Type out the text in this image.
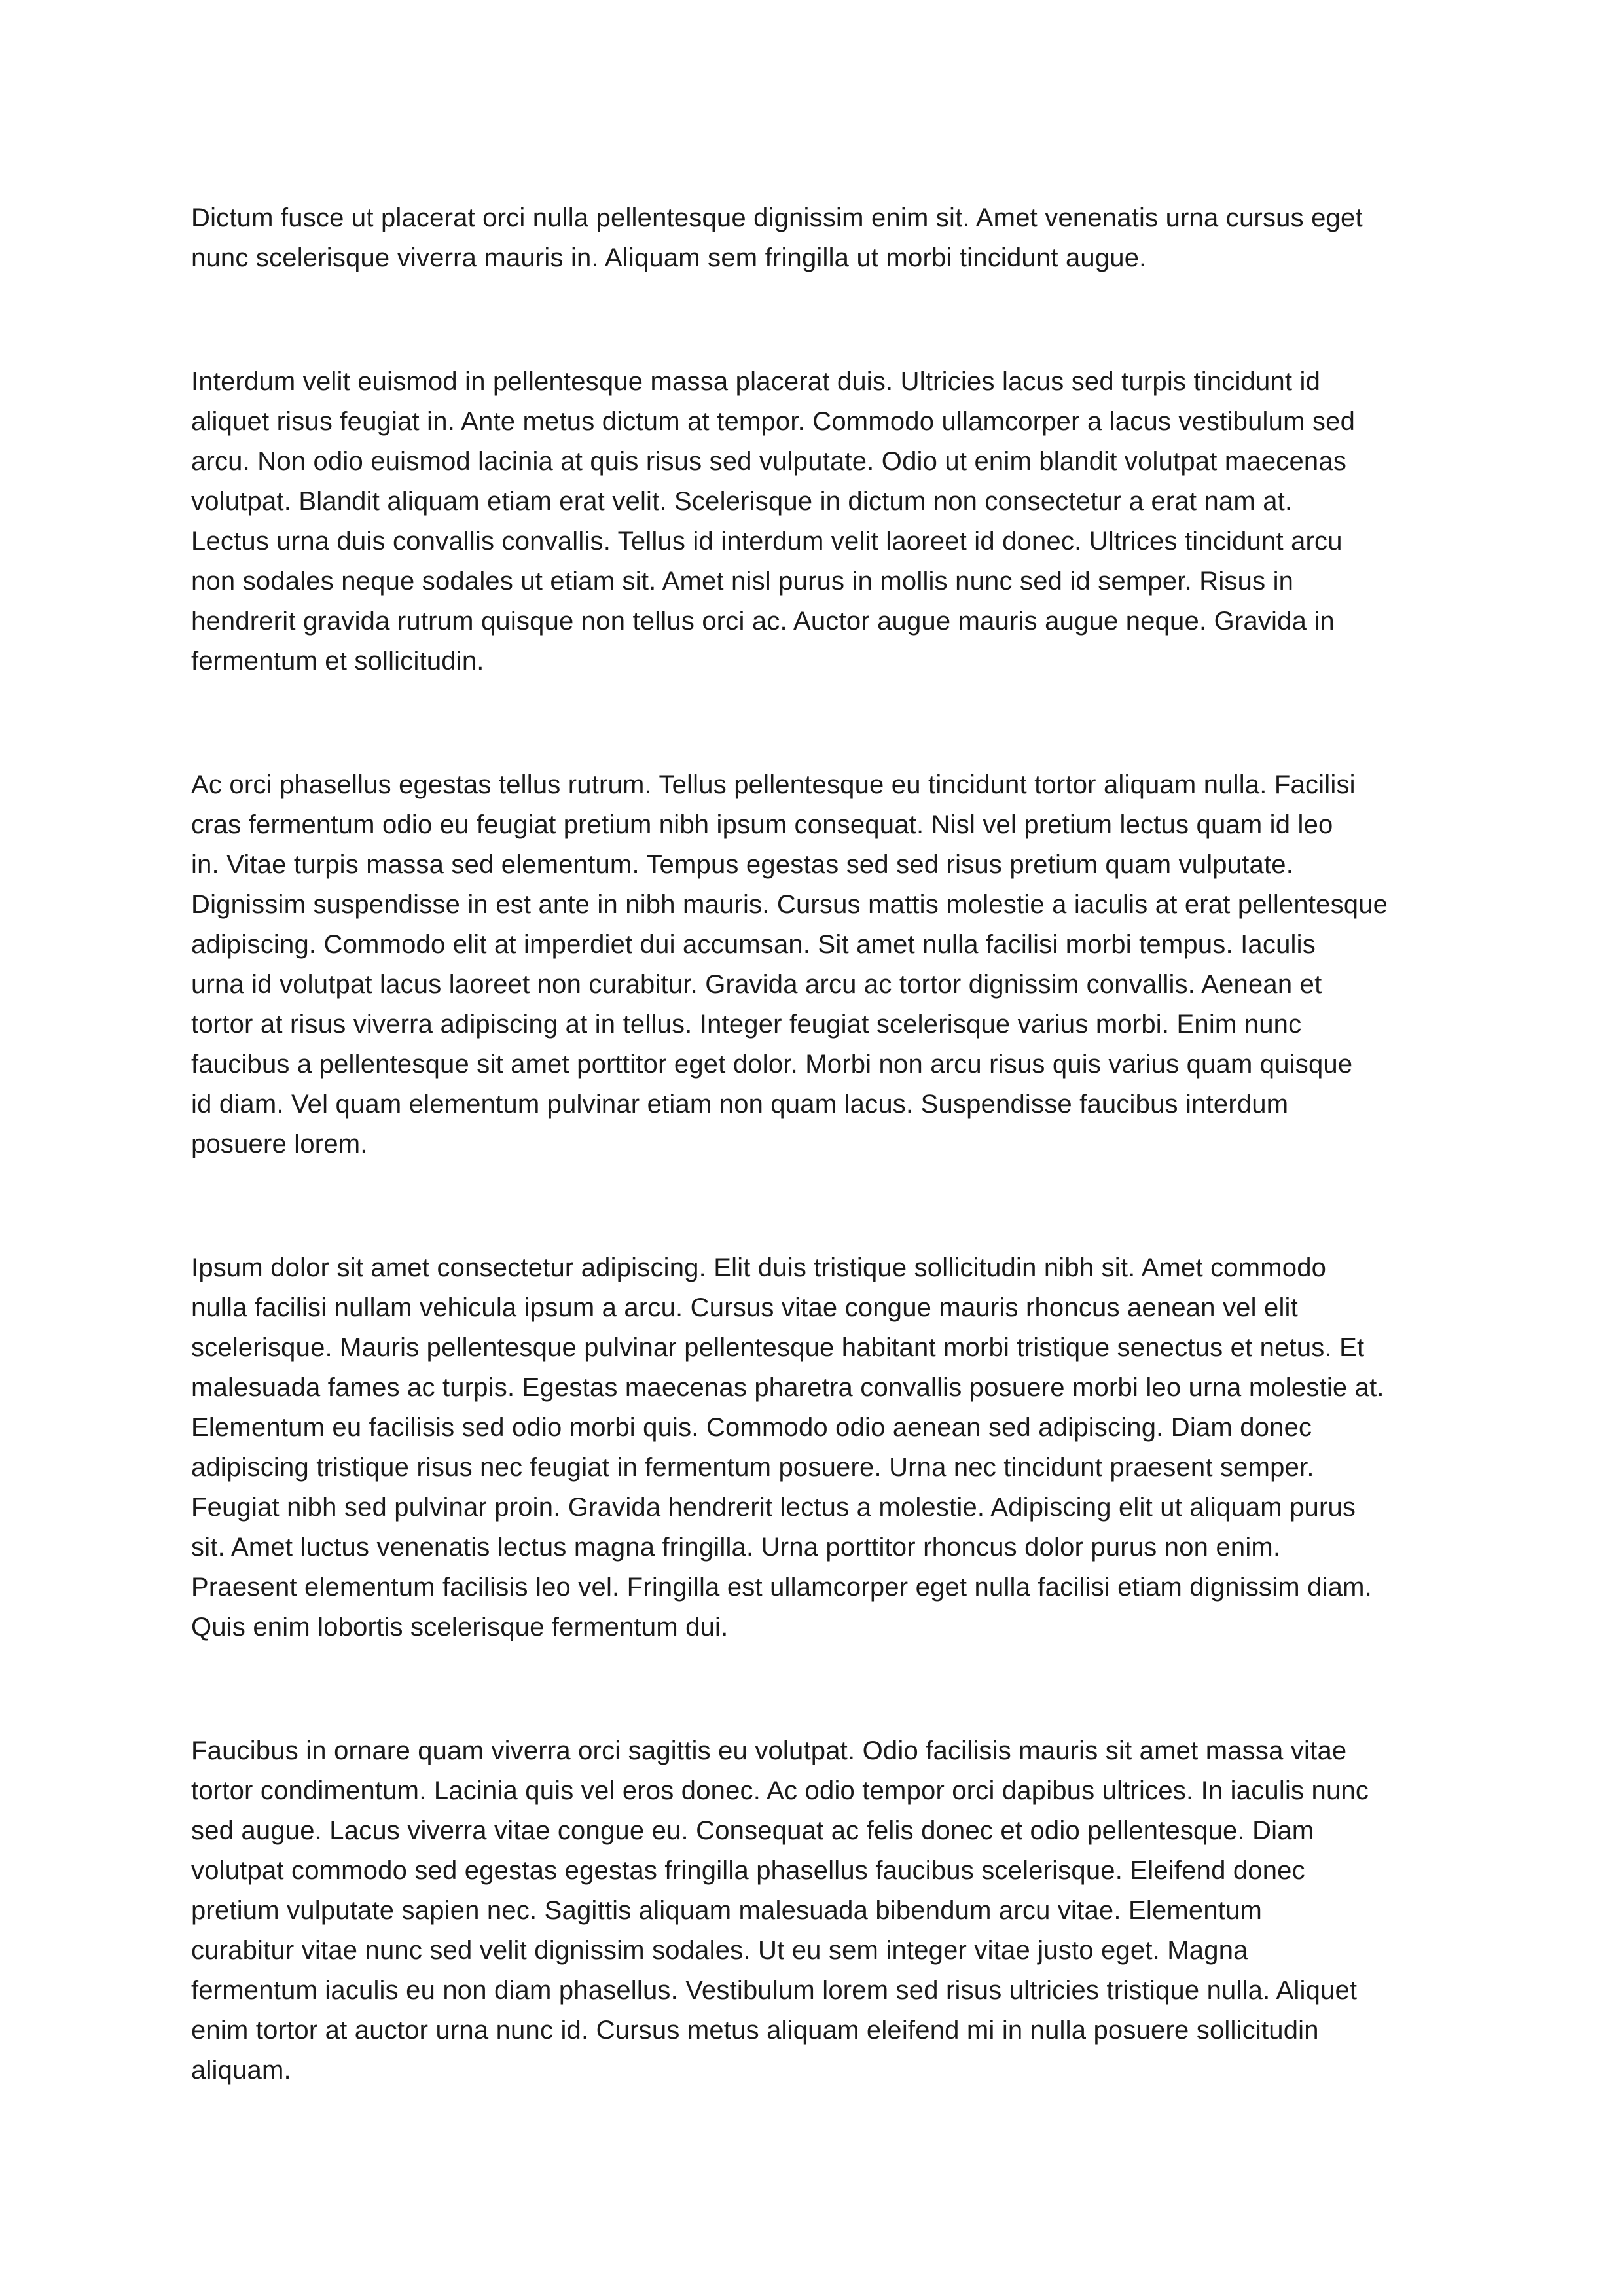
Dictum fusce ut placerat orci nulla pellentesque dignissim enim sit. Amet venenatis urna cursus eget
nunc scelerisque viverra mauris in. Aliquam sem fringilla ut morbi tincidunt augue.
Interdum velit euismod in pellentesque massa placerat duis. Ultricies lacus sed turpis tincidunt id
aliquet risus feugiat in. Ante metus dictum at tempor. Commodo ullamcorper a lacus vestibulum sed
arcu. Non odio euismod lacinia at quis risus sed vulputate. Odio ut enim blandit volutpat maecenas
volutpat. Blandit aliquam etiam erat velit. Scelerisque in dictum non consectetur a erat nam at.
Lectus urna duis convallis convallis. Tellus id interdum velit laoreet id donec. Ultrices tincidunt arcu
non sodales neque sodales ut etiam sit. Amet nisl purus in mollis nunc sed id semper. Risus in
hendrerit gravida rutrum quisque non tellus orci ac. Auctor augue mauris augue neque. Gravida in
fermentum et sollicitudin.
Ac orci phasellus egestas tellus rutrum. Tellus pellentesque eu tincidunt tortor aliquam nulla. Facilisi
cras fermentum odio eu feugiat pretium nibh ipsum consequat. Nisl vel pretium lectus quam id leo
in. Vitae turpis massa sed elementum. Tempus egestas sed sed risus pretium quam vulputate.
Dignissim suspendisse in est ante in nibh mauris. Cursus mattis molestie a iaculis at erat pellentesque
adipiscing. Commodo elit at imperdiet dui accumsan. Sit amet nulla facilisi morbi tempus. Iaculis
urna id volutpat lacus laoreet non curabitur. Gravida arcu ac tortor dignissim convallis. Aenean et
tortor at risus viverra adipiscing at in tellus. Integer feugiat scelerisque varius morbi. Enim nunc
faucibus a pellentesque sit amet porttitor eget dolor. Morbi non arcu risus quis varius quam quisque
id diam. Vel quam elementum pulvinar etiam non quam lacus. Suspendisse faucibus interdum
posuere lorem.
Ipsum dolor sit amet consectetur adipiscing. Elit duis tristique sollicitudin nibh sit. Amet commodo
nulla facilisi nullam vehicula ipsum a arcu. Cursus vitae congue mauris rhoncus aenean vel elit
scelerisque. Mauris pellentesque pulvinar pellentesque habitant morbi tristique senectus et netus. Et
malesuada fames ac turpis. Egestas maecenas pharetra convallis posuere morbi leo urna molestie at.
Elementum eu facilisis sed odio morbi quis. Commodo odio aenean sed adipiscing. Diam donec
adipiscing tristique risus nec feugiat in fermentum posuere. Urna nec tincidunt praesent semper.
Feugiat nibh sed pulvinar proin. Gravida hendrerit lectus a molestie. Adipiscing elit ut aliquam purus
sit. Amet luctus venenatis lectus magna fringilla. Urna porttitor rhoncus dolor purus non enim.
Praesent elementum facilisis leo vel. Fringilla est ullamcorper eget nulla facilisi etiam dignissim diam.
Quis enim lobortis scelerisque fermentum dui.
Faucibus in ornare quam viverra orci sagittis eu volutpat. Odio facilisis mauris sit amet massa vitae
tortor condimentum. Lacinia quis vel eros donec. Ac odio tempor orci dapibus ultrices. In iaculis nunc
sed augue. Lacus viverra vitae congue eu. Consequat ac felis donec et odio pellentesque. Diam
volutpat commodo sed egestas egestas fringilla phasellus faucibus scelerisque. Eleifend donec
pretium vulputate sapien nec. Sagittis aliquam malesuada bibendum arcu vitae. Elementum
curabitur vitae nunc sed velit dignissim sodales. Ut eu sem integer vitae justo eget. Magna
fermentum iaculis eu non diam phasellus. Vestibulum lorem sed risus ultricies tristique nulla. Aliquet
enim tortor at auctor urna nunc id. Cursus metus aliquam eleifend mi in nulla posuere sollicitudin
aliquam.
